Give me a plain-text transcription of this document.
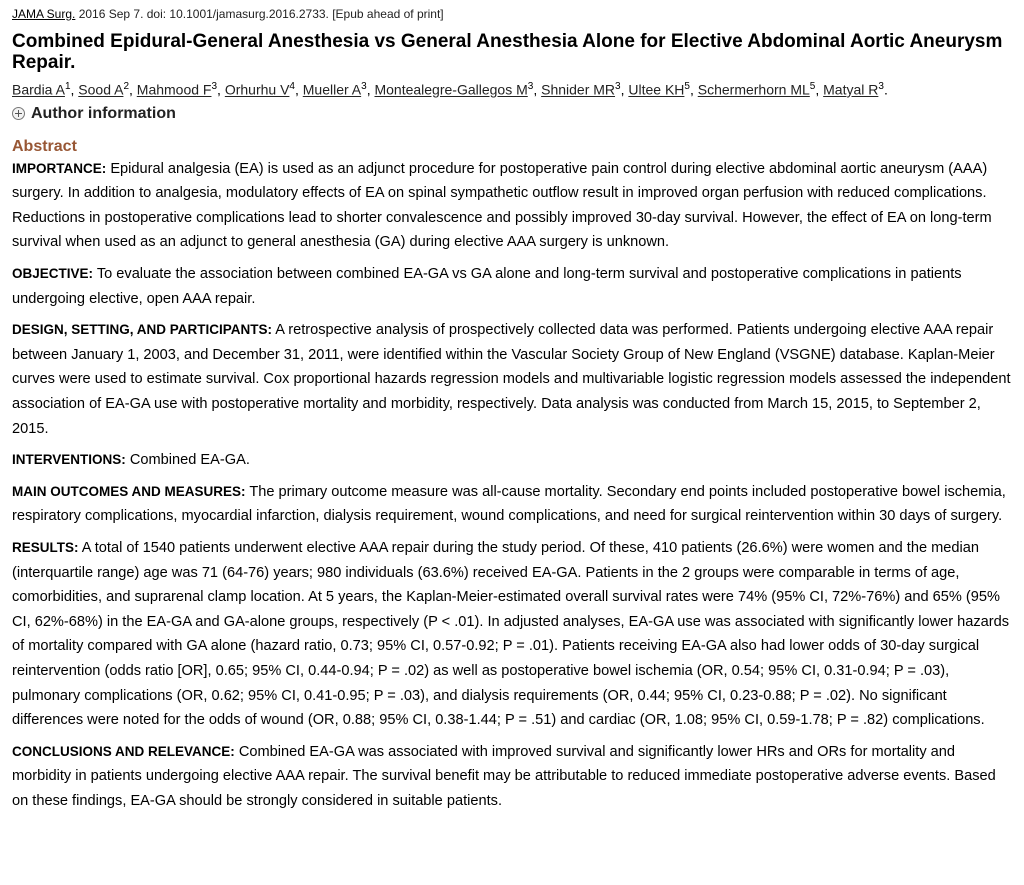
JAMA Surg. 2016 Sep 7. doi: 10.1001/jamasurg.2016.2733. [Epub ahead of print]
Combined Epidural-General Anesthesia vs General Anesthesia Alone for Elective Abdominal Aortic Aneurysm Repair.
Bardia $A^1$, Sood $A^2$, Mahmood $F^3$, Orhurhu $V^4$, Mueller $A^3$, Montealegre-Gallegos $M^3$, Shnider $MR^3$, Ultee $KH^5$, Schermerhorn $ML^5$, Matyal $R^3$.
Author information
Abstract

IMPORTANCE: Epidural analgesia (EA) is used as an adjunct procedure for postoperative pain control during elective abdominal aortic aneurysm (AAA) surgery. In addition to analgesia, modulatory effects of EA on spinal sympathetic outflow result in improved organ perfusion with reduced complications. Reductions in postoperative complications lead to shorter convalescence and possibly improved 30-day survival. However, the effect of EA on long-term survival when used as an adjunct to general anesthesia (GA) during elective AAA surgery is unknown.

OBJECTIVE: To evaluate the association between combined EA-GA vs GA alone and long-term survival and postoperative complications in patients undergoing elective, open AAA repair.

DESIGN, SETTING, AND PARTICIPANTS: A retrospective analysis of prospectively collected data was performed. Patients undergoing elective AAA repair between January 1, 2003, and December 31, 2011, were identified within the Vascular Society Group of New England (VSGNE) database. Kaplan-Meier curves were used to estimate survival. Cox proportional hazards regression models and multivariable logistic regression models assessed the independent association of EA-GA use with postoperative mortality and morbidity, respectively. Data analysis was conducted from March 15, 2015, to September 2, 2015.

INTERVENTIONS: Combined EA-GA.

MAIN OUTCOMES AND MEASURES: The primary outcome measure was all-cause mortality. Secondary end points included postoperative bowel ischemia, respiratory complications, myocardial infarction, dialysis requirement, wound complications, and need for surgical reintervention within 30 days of surgery.

RESULTS: A total of 1540 patients underwent elective AAA repair during the study period. Of these, 410 patients (26.6%) were women and the median (interquartile range) age was 71 (64-76) years; 980 individuals (63.6%) received EA-GA. Patients in the 2 groups were comparable in terms of age, comorbidities, and suprarenal clamp location. At 5 years, the Kaplan-Meier-estimated overall survival rates were 74% (95% CI, 72%-76%) and 65% (95% CI, 62%-68%) in the EA-GA and GA-alone groups, respectively (P < .01). In adjusted analyses, EA-GA use was associated with significantly lower hazards of mortality compared with GA alone (hazard ratio, 0.73; 95% CI, 0.57-0.92; P = .01). Patients receiving EA-GA also had lower odds of 30-day surgical reintervention (odds ratio [OR], 0.65; 95% CI, 0.44-0.94; P = .02) as well as postoperative bowel ischemia (OR, 0.54; 95% CI, 0.31-0.94; P = .03), pulmonary complications (OR, 0.62; 95% CI, 0.41-0.95; P = .03), and dialysis requirements (OR, 0.44; 95% CI, 0.23-0.88; P = .02). No significant differences were noted for the odds of wound (OR, 0.88; 95% CI, 0.38-1.44; P = .51) and cardiac (OR, 1.08; 95% CI, 0.59-1.78; P = .82) complications.

CONCLUSIONS AND RELEVANCE: Combined EA-GA was associated with improved survival and significantly lower HRs and ORs for mortality and morbidity in patients undergoing elective AAA repair. The survival benefit may be attributable to reduced immediate postoperative adverse events. Based on these findings, EA-GA should be strongly considered in suitable patients.
